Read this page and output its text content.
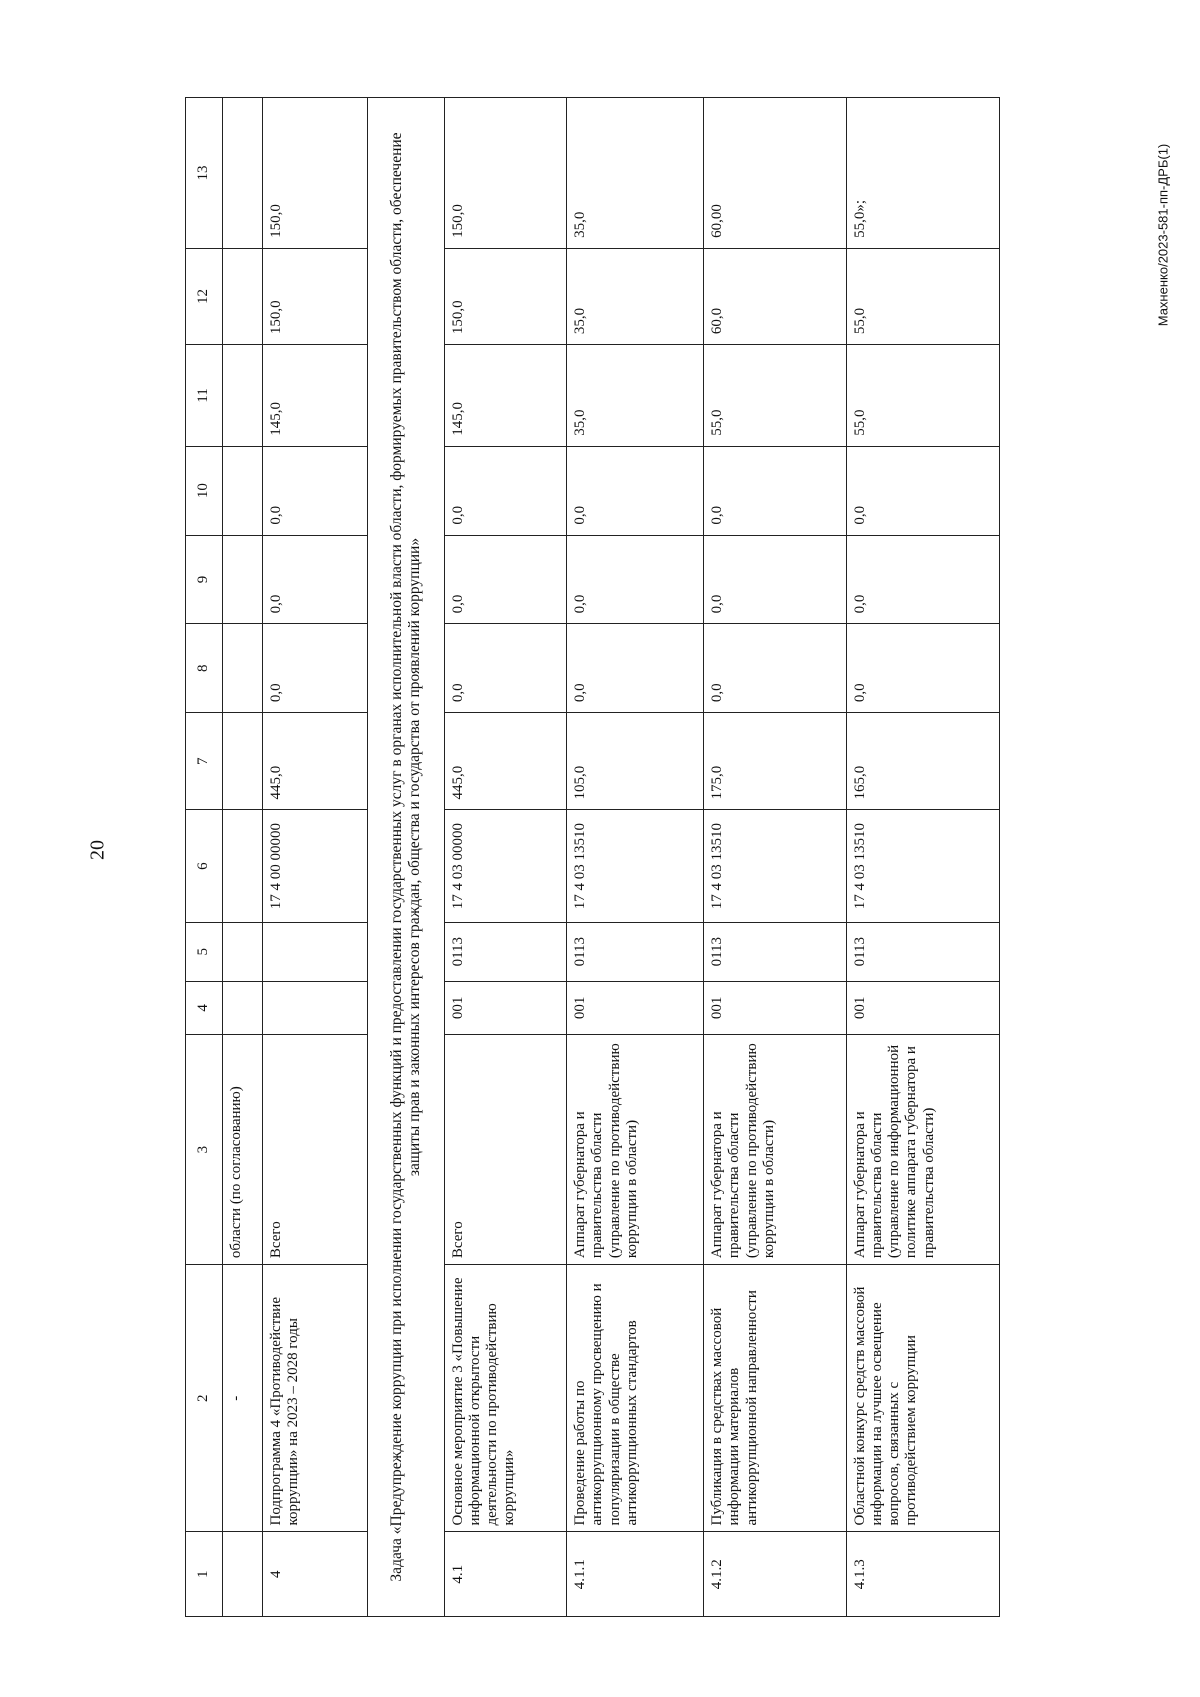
20
Махненко/2023-581-пп-ДРБ(1)
1	2	3	4	5	6	7	8	9	10	11	12	13
	-	области (по согласованию)										
4	Подпрограмма 4 «Противодействие коррупции» на 2023 – 2028 годы	Всего			17 4 00 00000	445,0	0,0	0,0	0,0	145,0	150,0	150,0
Задача «Предупреждение коррупции при исполнении государственных функций и предоставлении государственных услуг в органах исполнительной власти области, формируемых правительством области, обеспечение защиты прав и законных интересов граждан, общества и государства от проявлений коррупции»												
4.1	Основное мероприятие 3 «Повышение информационной открытости деятельности по противодействию коррупции»	Всего	001	0113	17 4 03 00000	445,0	0,0	0,0	0,0	145,0	150,0	150,0
4.1.1	Проведение работы по антикоррупционному просвещению и популяризации в обществе антикоррупционных стандартов	Аппарат губернатора и правительства области (управление по противодействию коррупции в области)	001	0113	17 4 03 13510	105,0	0,0	0,0	0,0	35,0	35,0	35,0
4.1.2	Публикация в средствах массовой информации материалов антикоррупционной направленности	Аппарат губернатора и правительства области (управление по противодействию коррупции в области)	001	0113	17 4 03 13510	175,0	0,0	0,0	0,0	55,0	60,0	60,00
4.1.3	Областной конкурс средств массовой информации на лучшее освещение вопросов, связанных с противодействием коррупции	Аппарат губернатора и правительства области (управление по информационной политике аппарата губернатора и правительства области)	001	0113	17 4 03 13510	165,0	0,0	0,0	0,0	55,0	55,0	55,0»;
